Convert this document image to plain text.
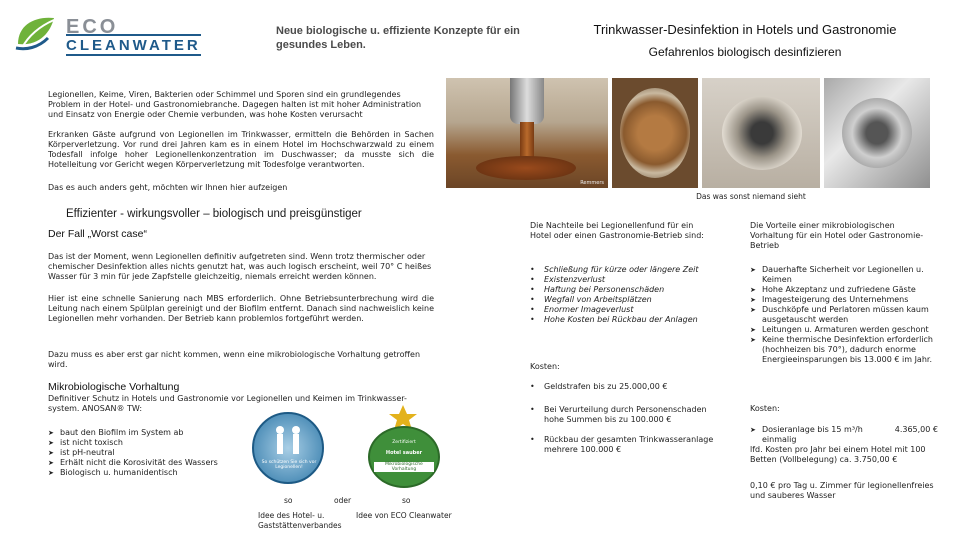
ECO
CLEANWATER
Neue biologische u. effiziente Konzepte für ein gesundes Leben.
Trinkwasser-Desinfektion in Hotels und Gastronomie
Gefahrenlos biologisch desinfizieren
Legionellen, Keime, Viren, Bakterien oder Schimmel und Sporen sind ein grundlegendes Problem in der Hotel- und Gastronomiebranche. Dagegen halten ist mit hoher Administration und Einsatz von Energie oder Chemie verbunden, was hohe Kosten verursacht
Erkranken Gäste aufgrund von Legionellen im Trinkwasser, ermitteln die Behörden in Sachen Körperverletzung. Vor rund drei Jahren kam es in einem Hotel im Hochschwarzwald zu einem Todesfall infolge hoher Legionellenkonzentration im Duschwasser; da musste sich die Hotelleitung vor Gericht wegen Körperverletzung mit Todesfolge verantworten.
Das es auch anders geht, möchten wir Ihnen hier aufzeigen	Remmers
Das was sonst niemand sieht
Effizienter - wirkungsvoller – biologisch und preisgünstiger
Der Fall „Worst case“
Das ist der Moment, wenn Legionellen definitiv aufgetreten sind. Wenn trotz thermischer oder chemischer Desinfektion alles nichts genutzt hat, was auch logisch erscheint, weil 70° C heißes Wasser für 3 min für jede Zapfstelle gleichzeitig, niemals erreicht werden können.
Hier ist eine schnelle Sanierung nach MBS erforderlich. Ohne Betriebsunterbrechung wird die Leitung nach einem Spülplan gereinigt und der Biofilm entfernt. Danach sind nachweislich keine Legionellen mehr vorhanden. Der Betrieb kann problemlos fortgeführt werden.
Dazu muss es aber erst gar nicht kommen, wenn eine mikrobiologische Vorhaltung getroffen wird.
Mikrobiologische Vorhaltung
Definitiver Schutz in Hotels und Gastronomie vor Legionellen und Keimen im Trinkwasser-system. ANOSAN® TW:
➤ baut den Biofilm im System ab
➤ ist nicht toxisch
➤ ist pH-neutral
➤ Erhält nicht die Korosivität des Wassers
➤ Biologisch u. humanidentisch
So schützen Sie sich vor Legionellen!
Zertifiziert
Hotel sauber
Mikrobiologische Vorhaltung
so	oder	so
Idee des Hotel- u. Gaststättenverbandes
Idee von ECO Cleanwater
Die Nachteile bei Legionellenfund für ein Hotel oder einen Gastronomie-Betrieb sind:
• Schließung für kürze oder längere Zeit
• Existenzverlust
• Haftung bei Personenschäden
• Wegfall von Arbeitsplätzen
• Enormer Imageverlust
• Hohe Kosten bei Rückbau der Anlagen
Kosten:
• Geldstrafen bis zu 25.000,00 €
• Bei Verurteilung durch Personenschaden hohe Summen bis zu 100.000 €
• Rückbau der gesamten Trinkwasseranlage mehrere 100.000 €
Die Vorteile einer mikrobiologischen Vorhaltung für ein Hotel oder Gastronomie-Betrieb
➤ Dauerhafte Sicherheit vor Legionellen u. Keimen
➤ Hohe Akzeptanz und zufriedene Gäste
➤ Imagesteigerung des Unternehmens
➤ Duschköpfe und Perlatoren müssen kaum ausgetauscht werden
➤ Leitungen u. Armaturen werden geschont
➤ Keine thermische Desinfektion erforderlich (hochheizen bis 70°), dadurch enorme Energieeinsparungen bis 13.000 € im Jahr.
Kosten:
➤ Dosieranlage bis 15 m³/h	4.365,00 €
einmalig
lfd. Kosten pro Jahr bei einem Hotel mit 100 Betten (Vollbelegung) ca. 3.750,00 €
0,10 € pro Tag u. Zimmer für legionellenfreies und sauberes Wasser
